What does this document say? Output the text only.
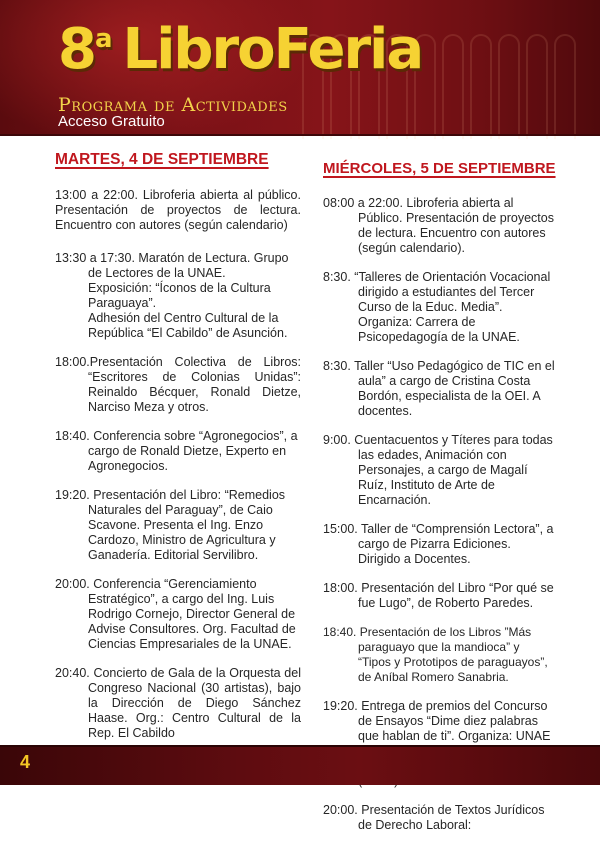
8 a LibroFeria
Programa de Actividades
Acceso Gratuito
MARTES, 4 DE SEPTIEMBRE

13:00 a 22:00. Libroferia abierta al público. Presentación de proyectos de lectura. Encuentro con autores (según calendario)

13:30 a 17:30. Maratón de Lectura. Grupo de Lectores de la UNAE.

Exposición: “Íconos de la Cultura Paraguaya”.

Adhesión del Centro Cultural de la República “El Cabildo” de Asunción.

18:00.Presentación Colectiva de Libros: “Escritores de Colonias Unidas”: Reinaldo Bécquer, Ronald Dietze, Narciso Meza y otros.

18:40. Conferencia sobre “Agronegocios”, a cargo de Ronald Dietze, Experto en Agronegocios.

19:20. Presentación del Libro: “Remedios Naturales del Paraguay”, de Caio Scavone. Presenta el Ing. Enzo Cardozo, Ministro de Agricultura y Ganadería. Editorial Servilibro.

20:00. Conferencia “Gerenciamiento Estratégico”, a cargo del Ing. Luis Rodrigo Cornejo, Director General de Advise Consultores. Org. Facultad de Ciencias Empresariales de la UNAE.

20:40. Concierto de Gala de la Orquesta del Congreso Nacional (30 artistas), bajo la Dirección de Diego Sánchez Haase. Org.: Centro Cultural de la Rep. El Cabildo

MIÉRCOLES, 5 DE SEPTIEMBRE

08:00 a 22:00. Libroferia abierta al Público. Presentación de proyectos de lectura. Encuentro con autores (según calendario).

8:30. “Talleres de Orientación Vocacional dirigido a estudiantes del Tercer Curso de la Educ. Media”. Organiza: Carrera de Psicopedagogía de la UNAE.

8:30. Taller “Uso Pedagógico de TIC en el aula” a cargo de Cristina Costa Bordón, especialista de la OEI. A docentes.

9:00. Cuentacuentos y Títeres para todas las edades, Animación con Personajes, a cargo de Magalí Ruíz, Instituto de Arte de Encarnación.

15:00. Taller de “Comprensión Lectora”, a cargo de Pizarra Ediciones. Dirigido a Docentes.

18:00. Presentación del Libro “Por qué se fue Lugo”, de Roberto Paredes.

18:40. Presentación de los Libros ”Más paraguayo que la mandioca” y “Tipos y Prototipos de paraguayos”, de Aníbal Romero Sanabria.

19:20. Entrega de premios del Concurso de Ensayos “Dime diez palabras que hablan de ti”. Organiza: UNAE

20:00. Presentación de Textos Jurídicos de Derecho Laboral:

4
